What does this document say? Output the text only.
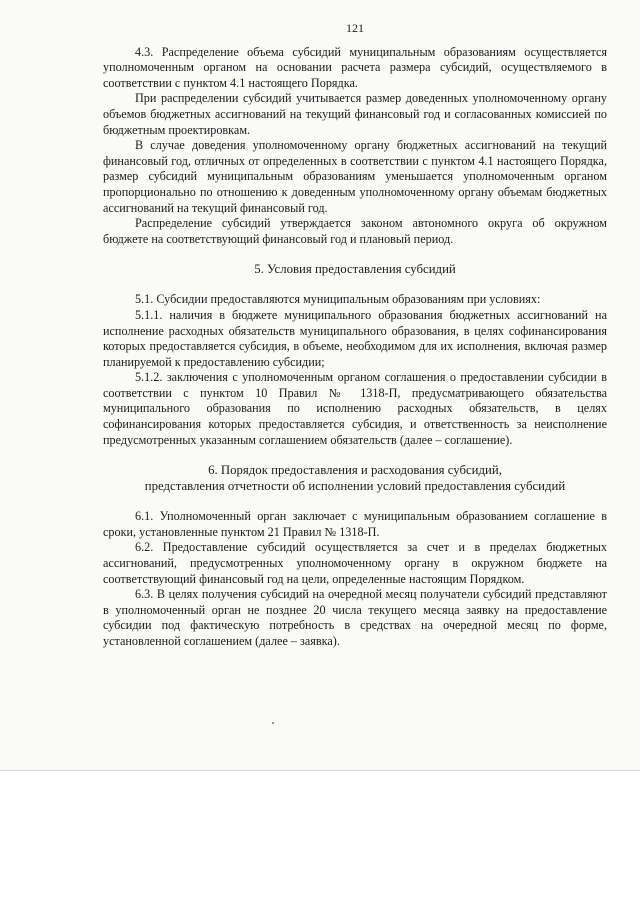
121

4.3. Распределение объема субсидий муниципальным образованиям осуществляется уполномоченным органом на основании расчета размера субсидий, осуществляемого в соответствии с пунктом 4.1 настоящего Порядка.

При распределении субсидий учитывается размер доведенных уполномоченному органу объемов бюджетных ассигнований на текущий финансовый год и согласованных комиссией по бюджетным проектировкам.

В случае доведения уполномоченному органу бюджетных ассигнований на текущий финансовый год, отличных от определенных в соответствии с пунктом 4.1 настоящего Порядка, размер субсидий муниципальным образованиям уменьшается уполномоченным органом пропорционально по отношению к доведенным уполномоченному органу объемам бюджетных ассигнований на текущий финансовый год.

Распределение субсидий утверждается законом автономного округа об окружном бюджете на соответствующий финансовый год и плановый период.

5. Условия предоставления субсидий

5.1. Субсидии предоставляются муниципальным образованиям при условиях:

5.1.1. наличия в бюджете муниципального образования бюджетных ассигнований на исполнение расходных обязательств муниципального образования, в целях софинансирования которых предоставляется субсидия, в объеме, необходимом для их исполнения, включая размер планируемой к предоставлению субсидии;

5.1.2. заключения с уполномоченным органом соглашения о предоставлении субсидии в соответствии с пунктом 10 Правил № 1318-П, предусматривающего обязательства муниципального образования по исполнению расходных обязательств, в целях софинансирования которых предоставляется субсидия, и ответственность за неисполнение предусмотренных указанным соглашением обязательств (далее – соглашение).

6. Порядок предоставления и расходования субсидий,
представления отчетности об исполнении условий предоставления субсидий

6.1. Уполномоченный орган заключает с муниципальным образованием соглашение в сроки, установленные пунктом 21 Правил № 1318-П.

6.2. Предоставление субсидий осуществляется за счет и в пределах бюджетных ассигнований, предусмотренных уполномоченному органу в окружном бюджете на соответствующий финансовый год на цели, определенные настоящим Порядком.

6.3. В целях получения субсидий на очередной месяц получатели субсидий представляют в уполномоченный орган не позднее 20 числа текущего месяца заявку на предоставление субсидии под фактическую потребность в средствах на очередной месяц по форме, установленной соглашением (далее – заявка).
